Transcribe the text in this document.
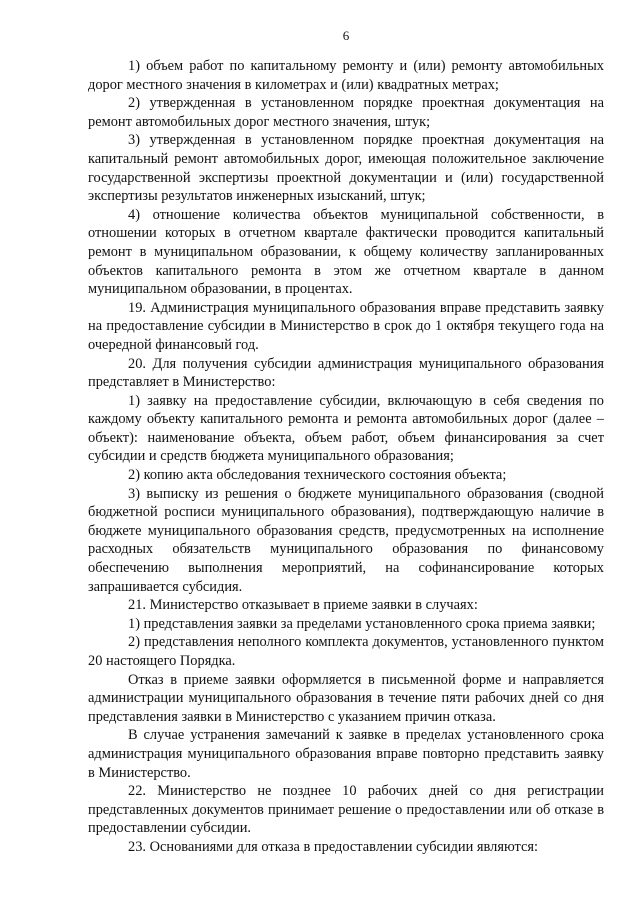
6

1) объем работ по капитальному ремонту и (или) ремонту автомобильных дорог местного значения в километрах и (или) квадратных метрах;

2) утвержденная в установленном порядке проектная документация на ремонт автомобильных дорог местного значения, штук;

3) утвержденная в установленном порядке проектная документация на капитальный ремонт автомобильных дорог, имеющая положительное заключение государственной экспертизы проектной документации и (или) государственной экспертизы результатов инженерных изысканий, штук;

4) отношение количества объектов муниципальной собственности, в отношении которых в отчетном квартале фактически проводится капитальный ремонт в муниципальном образовании, к общему количеству запланированных объектов капитального ремонта в этом же отчетном квартале в данном муниципальном образовании, в процентах.

19. Администрация муниципального образования вправе представить заявку на предоставление субсидии в Министерство в срок до 1 октября текущего года на очередной финансовый год.

20. Для получения субсидии администрация муниципального образования представляет в Министерство:

1) заявку на предоставление субсидии, включающую в себя сведения по каждому объекту капитального ремонта и ремонта автомобильных дорог (далее – объект): наименование объекта, объем работ, объем финансирования за счет субсидии и средств бюджета муниципального образования;

2) копию акта обследования технического состояния объекта;

3) выписку из решения о бюджете муниципального образования (сводной бюджетной росписи муниципального образования), подтверждающую наличие в бюджете муниципального образования средств, предусмотренных на исполнение расходных обязательств муниципального образования по финансовому обеспечению выполнения мероприятий, на софинансирование которых запрашивается субсидия.

21. Министерство отказывает в приеме заявки в случаях:

1) представления заявки за пределами установленного срока приема заявки;

2) представления неполного комплекта документов, установленного пунктом 20 настоящего Порядка.

Отказ в приеме заявки оформляется в письменной форме и направляется администрации муниципального образования в течение пяти рабочих дней со дня представления заявки в Министерство с указанием причин отказа.

В случае устранения замечаний к заявке в пределах установленного срока администрация муниципального образования вправе повторно представить заявку в Министерство.

22. Министерство не позднее 10 рабочих дней со дня регистрации представленных документов принимает решение о предоставлении или об отказе в предоставлении субсидии.

23. Основаниями для отказа в предоставлении субсидии являются:
